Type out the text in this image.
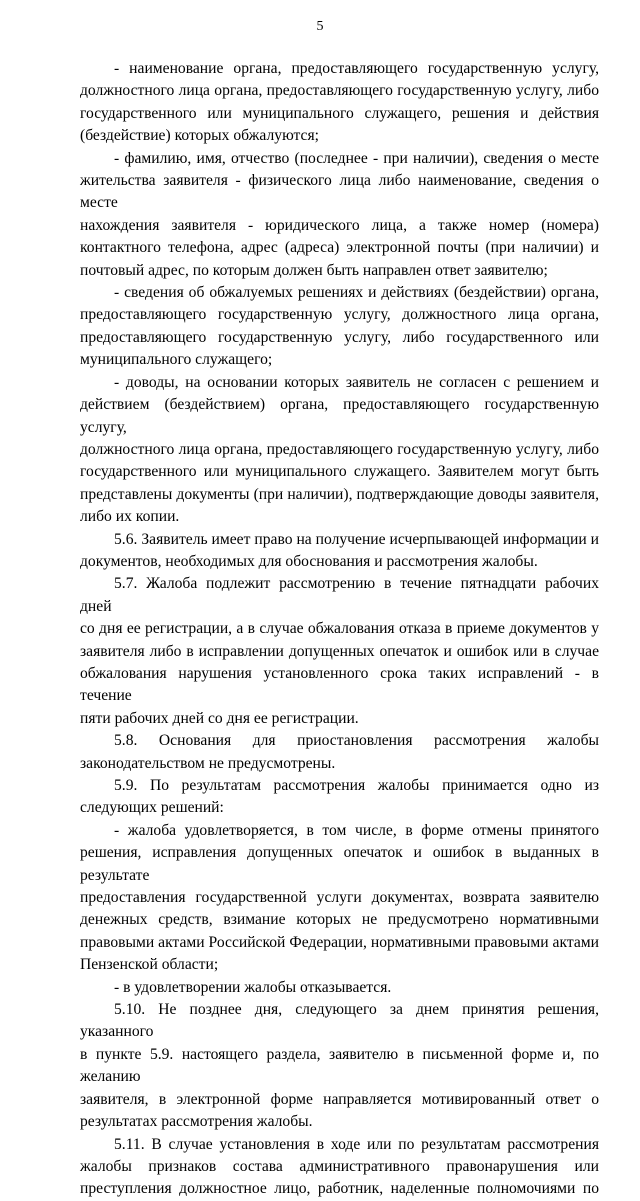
5
- наименование органа, предоставляющего государственную услугу,
должностного лица органа, предоставляющего государственную услугу, либо
государственного или муниципального служащего, решения и действия
(бездействие) которых обжалуются;
- фамилию, имя, отчество (последнее - при наличии), сведения о месте
жительства заявителя - физического лица либо наименование, сведения о месте
нахождения заявителя - юридического лица, а также номер (номера)
контактного телефона, адрес (адреса) электронной почты (при наличии) и
почтовый адрес, по которым должен быть направлен ответ заявителю;
- сведения об обжалуемых решениях и действиях (бездействии) органа,
предоставляющего государственную услугу, должностного лица органа,
предоставляющего государственную услугу, либо государственного или
муниципального служащего;
- доводы, на основании которых заявитель не согласен с решением и
действием (бездействием) органа, предоставляющего государственную услугу,
должностного лица органа, предоставляющего государственную услугу, либо
государственного или муниципального служащего. Заявителем могут быть
представлены документы (при наличии), подтверждающие доводы заявителя,
либо их копии.
5.6. Заявитель имеет право на получение исчерпывающей информации и
документов, необходимых для обоснования и рассмотрения жалобы.
5.7. Жалоба подлежит рассмотрению в течение пятнадцати рабочих дней
со дня ее регистрации, а в случае обжалования отказа в приеме документов у
заявителя либо в исправлении допущенных опечаток и ошибок или в случае
обжалования нарушения установленного срока таких исправлений - в течение
пяти рабочих дней со дня ее регистрации.
5.8. Основания для приостановления рассмотрения жалобы
законодательством не предусмотрены.
5.9. По результатам рассмотрения жалобы принимается одно из
следующих решений:
- жалоба удовлетворяется, в том числе, в форме отмены принятого
решения, исправления допущенных опечаток и ошибок в выданных в результате
предоставления государственной услуги документах, возврата заявителю
денежных средств, взимание которых не предусмотрено нормативными
правовыми актами Российской Федерации, нормативными правовыми актами
Пензенской области;
- в удовлетворении жалобы отказывается.
5.10. Не позднее дня, следующего за днем принятия решения, указанного
в пункте 5.9. настоящего раздела, заявителю в письменной форме и, по желанию
заявителя, в электронной форме направляется мотивированный ответ о
результатах рассмотрения жалобы.
5.11. В случае установления в ходе или по результатам рассмотрения
жалобы признаков состава административного правонарушения или
преступления должностное лицо, работник, наделенные полномочиями по
